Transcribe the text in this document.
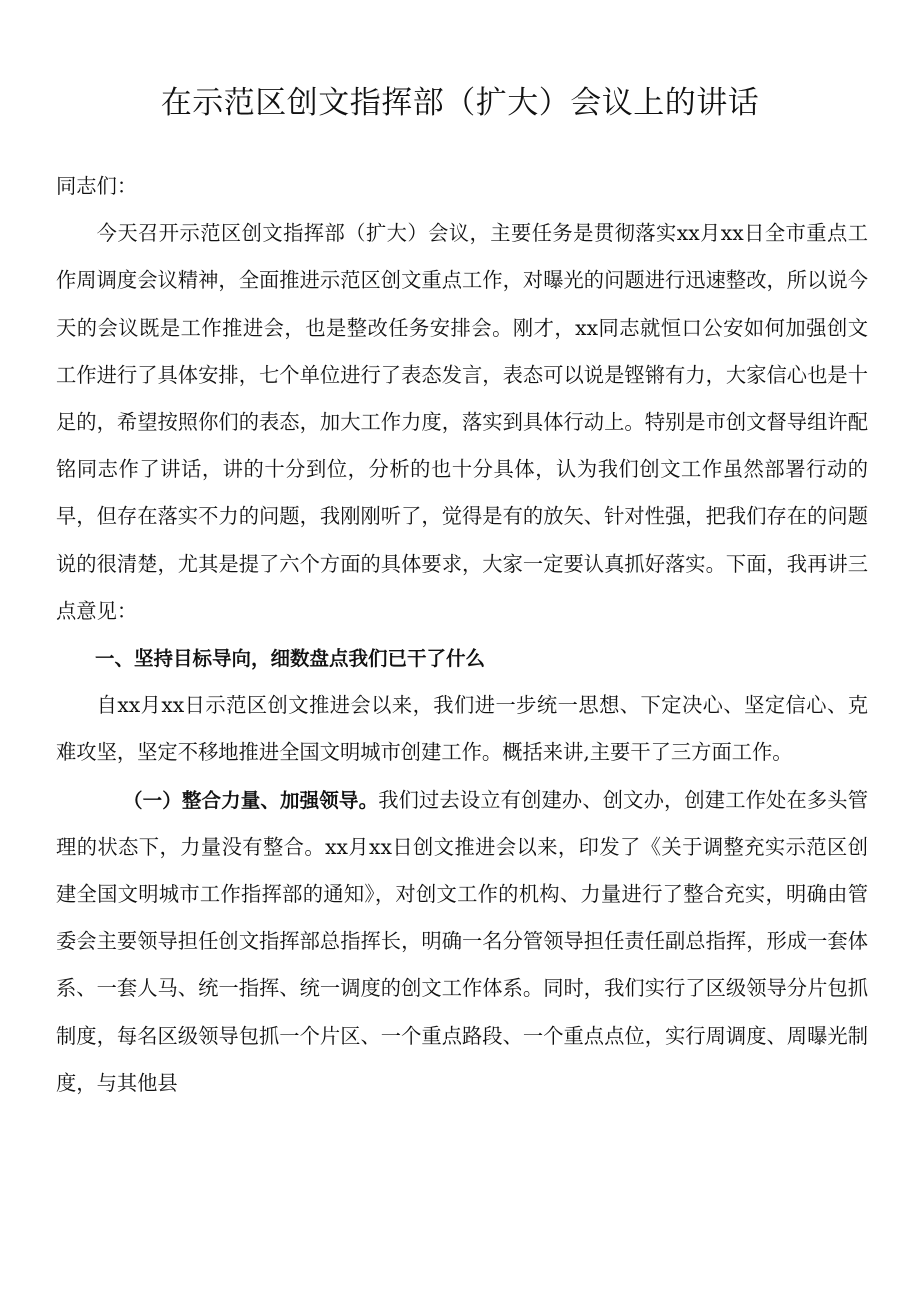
在示范区创文指挥部（扩大）会议上的讲话

同志们：

今天召开示范区创文指挥部（扩大）会议，主要任务是贯彻落实xx月xx日全市重点工作周调度会议精神，全面推进示范区创文重点工作，对曝光的问题进行迅速整改，所以说今天的会议既是工作推进会，也是整改任务安排会。刚才，xx同志就恒口公安如何加强创文工作进行了具体安排，七个单位进行了表态发言，表态可以说是铿锵有力，大家信心也是十足的，希望按照你们的表态，加大工作力度，落实到具体行动上。特别是市创文督导组许配铭同志作了讲话，讲的十分到位，分析的也十分具体，认为我们创文工作虽然部署行动的早，但存在落实不力的问题，我刚刚听了，觉得是有的放矢、针对性强，把我们存在的问题说的很清楚，尤其是提了六个方面的具体要求，大家一定要认真抓好落实。下面，我再讲三点意见：

一、坚持目标导向，细数盘点我们已干了什么

自xx月xx日示范区创文推进会以来，我们进一步统一思想、下定决心、坚定信心、克难攻坚，坚定不移地推进全国文明城市创建工作。概括来讲,主要干了三方面工作。

（一）整合力量、加强领导。我们过去设立有创建办、创文办，创建工作处在多头管理的状态下，力量没有整合。xx月xx日创文推进会以来，印发了《关于调整充实示范区创建全国文明城市工作指挥部的通知》，对创文工作的机构、力量进行了整合充实，明确由管委会主要领导担任创文指挥部总指挥长，明确一名分管领导担任责任副总指挥，形成一套体系、一套人马、统一指挥、统一调度的创文工作体系。同时，我们实行了区级领导分片包抓制度，每名区级领导包抓一个片区、一个重点路段、一个重点点位，实行周调度、周曝光制度，与其他县
